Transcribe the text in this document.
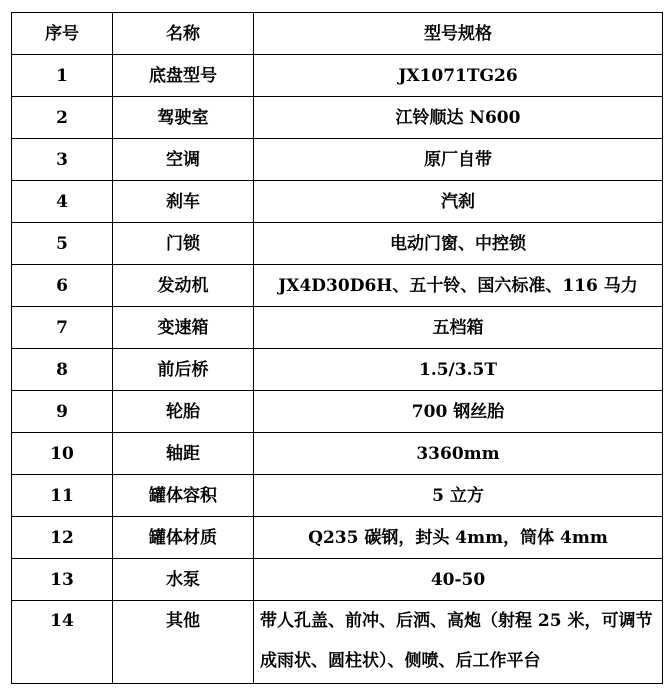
序号	名称	型号规格
1	底盘型号	JX1071TG26
2	驾驶室	江铃顺达 N600
3	空调	原厂自带
4	刹车	汽刹
5	门锁	电动门窗、中控锁
6	发动机	JX4D30D6H、五十铃、国六标准、116 马力
7	变速箱	五档箱
8	前后桥	1.5/3.5T
9	轮胎	700 钢丝胎
10	轴距	3360mm
11	罐体容积	5 立方
12	罐体材质	Q235 碳钢，封头 4mm，筒体 4mm
13	水泵	40-50
14	其他	带人孔盖、前冲、后洒、高炮（射程 25 米，可调节成雨状、圆柱状）、侧喷、后工作平台
